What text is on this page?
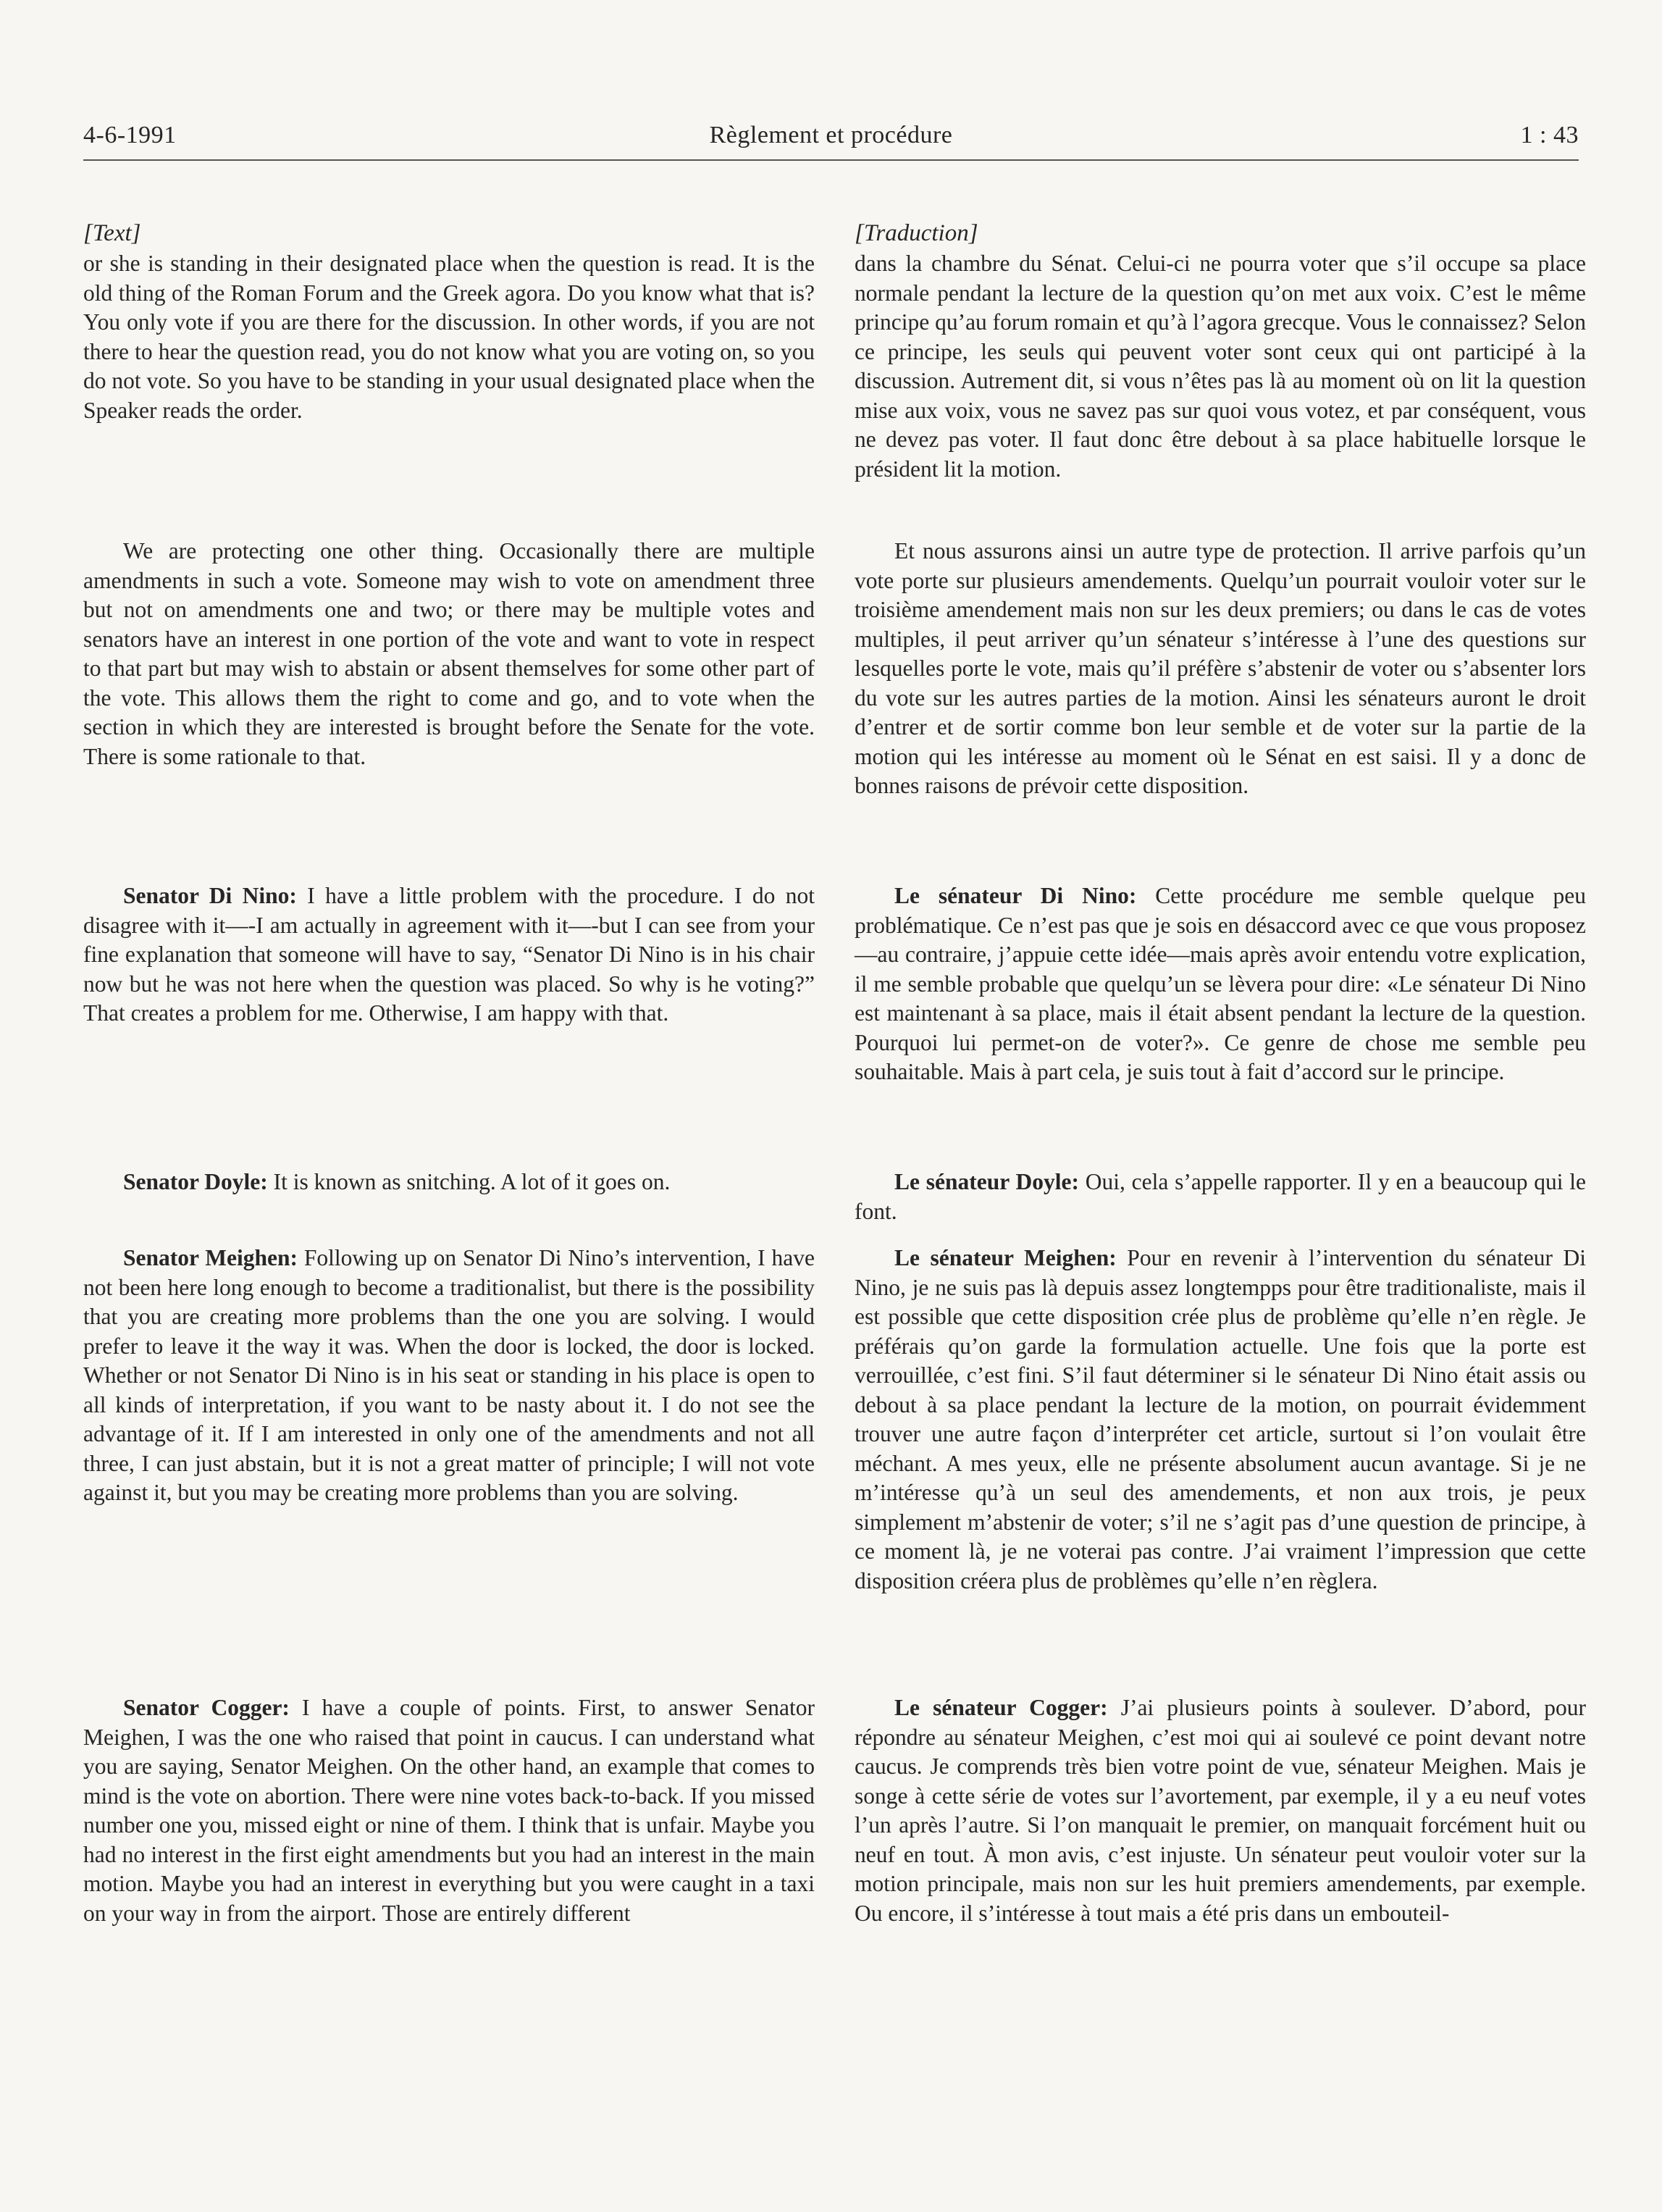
4-6-1991	Règlement et procédure	1 : 43
[Text]

or she is standing in their designated place when the question is read. It is the old thing of the Roman Forum and the Greek agora. Do you know what that is? You only vote if you are there for the discussion. In other words, if you are not there to hear the question read, you do not know what you are voting on, so you do not vote. So you have to be standing in your usual designated place when the Speaker reads the order.

We are protecting one other thing. Occasionally there are multiple amendments in such a vote. Someone may wish to vote on amendment three but not on amendments one and two; or there may be multiple votes and senators have an interest in one portion of the vote and want to vote in respect to that part but may wish to abstain or absent themselves for some other part of the vote. This allows them the right to come and go, and to vote when the section in which they are interested is brought before the Senate for the vote. There is some rationale to that.

Senator Di Nino: I have a little problem with the procedure. I do not disagree with it—-I am actually in agreement with it—-but I can see from your fine explanation that someone will have to say, “Senator Di Nino is in his chair now but he was not here when the question was placed. So why is he voting?” That creates a problem for me. Otherwise, I am happy with that.

Senator Doyle: It is known as snitching. A lot of it goes on.

Senator Meighen: Following up on Senator Di Nino’s intervention, I have not been here long enough to become a traditionalist, but there is the possibility that you are creating more problems than the one you are solving. I would prefer to leave it the way it was. When the door is locked, the door is locked. Whether or not Senator Di Nino is in his seat or standing in his place is open to all kinds of interpretation, if you want to be nasty about it. I do not see the advantage of it. If I am interested in only one of the amendments and not all three, I can just abstain, but it is not a great matter of principle; I will not vote against it, but you may be creating more problems than you are solving.

Senator Cogger: I have a couple of points. First, to answer Senator Meighen, I was the one who raised that point in caucus. I can understand what you are saying, Senator Meighen. On the other hand, an example that comes to mind is the vote on abortion. There were nine votes back-to-back. If you missed number one you, missed eight or nine of them. I think that is unfair. Maybe you had no interest in the first eight amendments but you had an interest in the main motion. Maybe you had an interest in everything but you were caught in a taxi on your way in from the airport. Those are entirely different

[Traduction]

dans la chambre du Sénat. Celui-ci ne pourra voter que s’il occupe sa place normale pendant la lecture de la question qu’on met aux voix. C’est le même principe qu’au forum romain et qu’à l’agora grecque. Vous le connaissez? Selon ce principe, les seuls qui peuvent voter sont ceux qui ont participé à la discussion. Autrement dit, si vous n’êtes pas là au moment où on lit la question mise aux voix, vous ne savez pas sur quoi vous votez, et par conséquent, vous ne devez pas voter. Il faut donc être debout à sa place habituelle lorsque le président lit la motion.

Et nous assurons ainsi un autre type de protection. Il arrive parfois qu’un vote porte sur plusieurs amendements. Quelqu’un pourrait vouloir voter sur le troisième amendement mais non sur les deux premiers; ou dans le cas de votes multiples, il peut arriver qu’un sénateur s’intéresse à l’une des questions sur lesquelles porte le vote, mais qu’il préfère s’abstenir de voter ou s’absenter lors du vote sur les autres parties de la motion. Ainsi les sénateurs auront le droit d’entrer et de sortir comme bon leur semble et de voter sur la partie de la motion qui les intéresse au moment où le Sénat en est saisi. Il y a donc de bonnes raisons de prévoir cette disposition.

Le sénateur Di Nino: Cette procédure me semble quelque peu problématique. Ce n’est pas que je sois en désaccord avec ce que vous proposez—au contraire, j’appuie cette idée—mais après avoir entendu votre explication, il me semble probable que quelqu’un se lèvera pour dire: «Le sénateur Di Nino est maintenant à sa place, mais il était absent pendant la lecture de la question. Pourquoi lui permet-on de voter?». Ce genre de chose me semble peu souhaitable. Mais à part cela, je suis tout à fait d’accord sur le principe.

Le sénateur Doyle: Oui, cela s’appelle rapporter. Il y en a beaucoup qui le font.

Le sénateur Meighen: Pour en revenir à l’intervention du sénateur Di Nino, je ne suis pas là depuis assez longtempps pour être traditionaliste, mais il est possible que cette disposition crée plus de problème qu’elle n’en règle. Je préférais qu’on garde la formulation actuelle. Une fois que la porte est verrouillée, c’est fini. S’il faut déterminer si le sénateur Di Nino était assis ou debout à sa place pendant la lecture de la motion, on pourrait évidemment trouver une autre façon d’interpréter cet article, surtout si l’on voulait être méchant. A mes yeux, elle ne présente absolument aucun avantage. Si je ne m’intéresse qu’à un seul des amendements, et non aux trois, je peux simplement m’abstenir de voter; s’il ne s’agit pas d’une question de principe, à ce moment là, je ne voterai pas contre. J’ai vraiment l’impression que cette disposition créera plus de problèmes qu’elle n’en règlera.

Le sénateur Cogger: J’ai plusieurs points à soulever. D’abord, pour répondre au sénateur Meighen, c’est moi qui ai soulevé ce point devant notre caucus. Je comprends très bien votre point de vue, sénateur Meighen. Mais je songe à cette série de votes sur l’avortement, par exemple, il y a eu neuf votes l’un après l’autre. Si l’on manquait le premier, on manquait forcément huit ou neuf en tout. À mon avis, c’est injuste. Un sénateur peut vouloir voter sur la motion principale, mais non sur les huit premiers amendements, par exemple. Ou encore, il s’intéresse à tout mais a été pris dans un embouteil-
